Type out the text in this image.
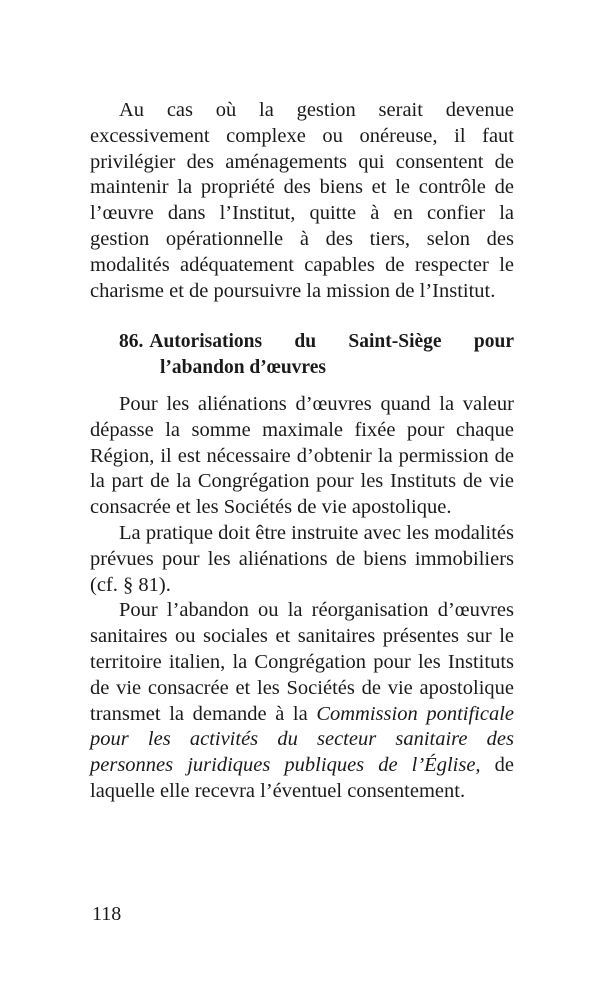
Au cas où la gestion serait devenue excessivement complexe ou onéreuse, il faut privilégier des aménagements qui consentent de maintenir la propriété des biens et le contrôle de l’œuvre dans l’Institut, quitte à en confier la gestion opérationnelle à des tiers, selon des modalités adéquatement capables de respecter le charisme et de poursuivre la mission de l’Institut.

86. Autorisations du Saint-Siège pour l’abandon d’œuvres

Pour les aliénations d’œuvres quand la valeur dépasse la somme maximale fixée pour chaque Région, il est nécessaire d’obtenir la permission de la part de la Congrégation pour les Instituts de vie consacrée et les Sociétés de vie apostolique.

La pratique doit être instruite avec les modalités prévues pour les aliénations de biens immobiliers (cf. § 81).

Pour l’abandon ou la réorganisation d’œuvres sanitaires ou sociales et sanitaires présentes sur le territoire italien, la Congrégation pour les Instituts de vie consacrée et les Sociétés de vie apostolique transmet la demande à la Commission pontificale pour les activités du secteur sanitaire des personnes juridiques publiques de l’Église, de laquelle elle recevra l’éventuel consentement.

118
